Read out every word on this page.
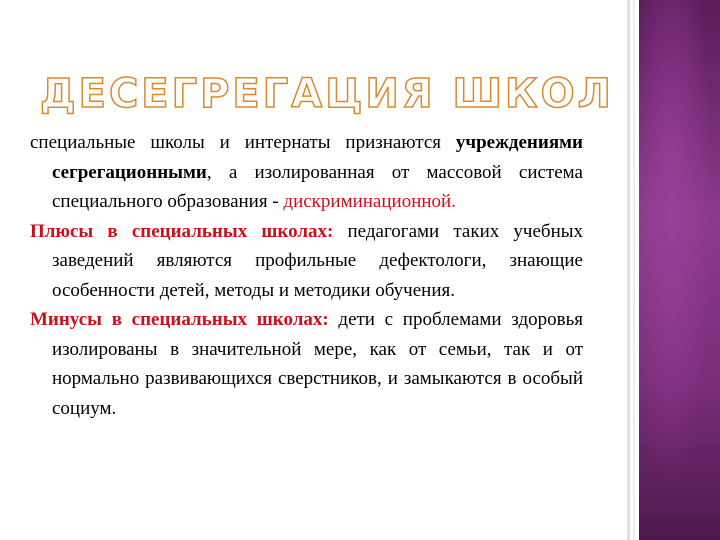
ДЕСЕГРЕГАЦИЯ ШКОЛ

специальные школы и интернаты признаются учреждениями сегрегационными, а изолированная от массовой система специального образования - дискриминационной.

Плюсы в специальных школах: педагогами таких учебных заведений являются профильные дефектологи, знающие особенности детей, методы и методики обучения.

Минусы в специальных школах: дети с проблемами здоровья изолированы в значительной мере, как от семьи, так и от нормально развивающихся сверстников, и замыкаются в особый социум.
